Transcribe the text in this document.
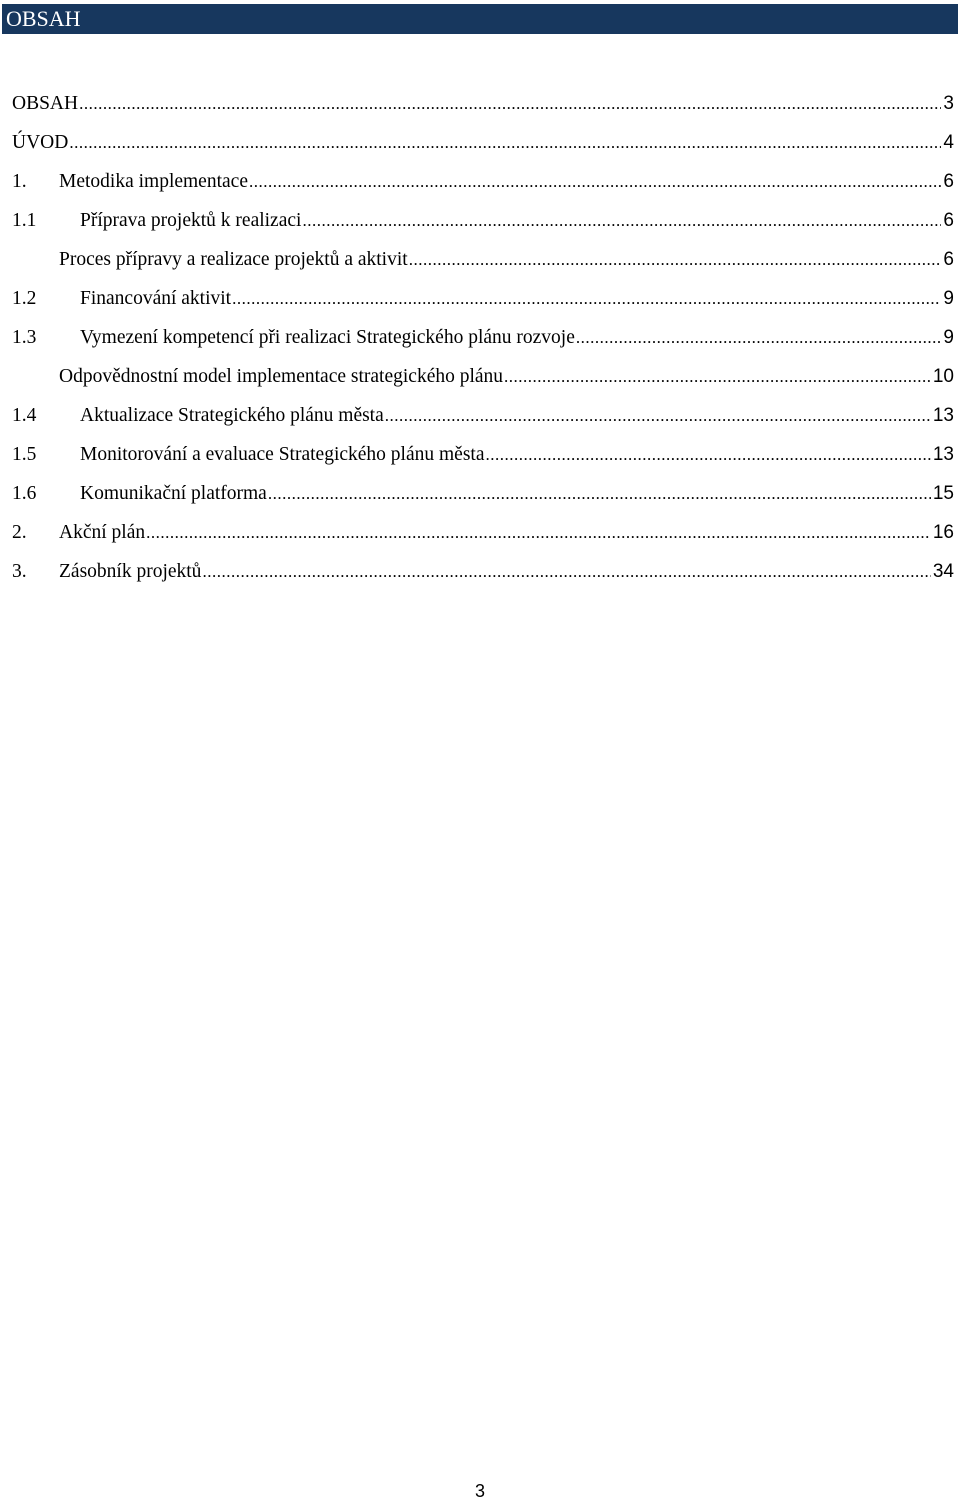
OBSAH
OBSAH .....	3
ÚVOD .....	4
1.	Metodika implementace .....	6
1.1	Příprava projektů k realizaci .....	6
Proces přípravy a realizace projektů a aktivit .....	6
1.2	Financování aktivit .....	9
1.3	Vymezení kompetencí při realizaci Strategického plánu rozvoje .....	9
Odpovědnostní model implementace strategického plánu .....	10
1.4	Aktualizace Strategického plánu města .....	13
1.5	Monitorování a evaluace Strategického plánu města .....	13
1.6	Komunikační platforma .....	15
2.	Akční plán .....	16
3.	Zásobník projektů .....	34
3
